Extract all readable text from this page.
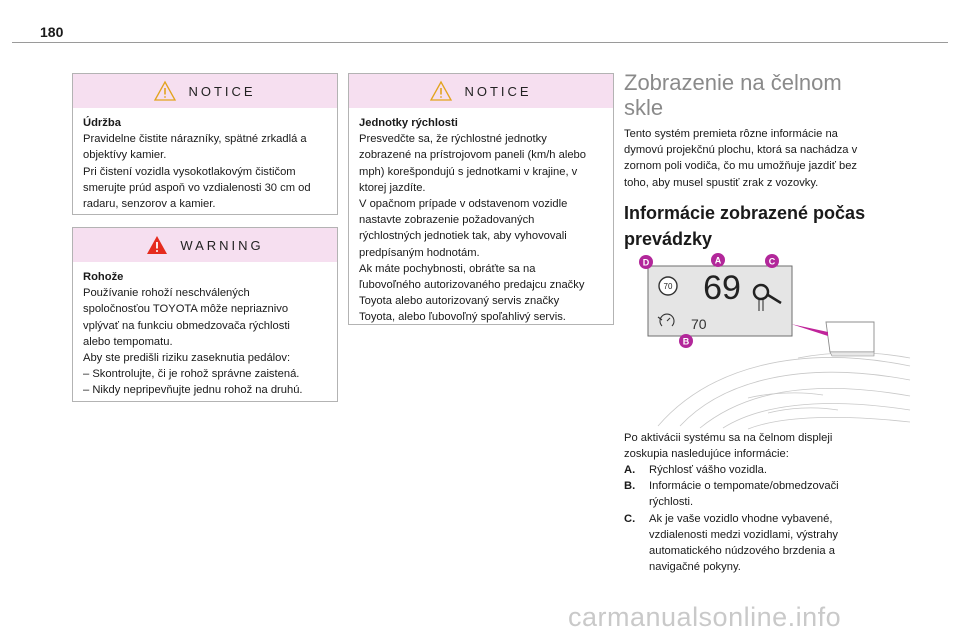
180
NOTICE

Údržba

Pravidelne čistite nárazníky, spätné zrkadlá a

objektívy kamier.

Pri čistení vozidla vysokotlakovým čističom

smerujte prúd aspoň vo vzdialenosti 30 cm od

radaru, senzorov a kamier.

WARNING

Rohože

Používanie rohoží neschválených

spoločnosťou TOYOTA môže nepriaznivo

vplývať na funkciu obmedzovača rýchlosti

alebo tempomatu.

Aby ste predišli riziku zaseknutia pedálov:

– Skontrolujte, či je rohož správne zaistená.

– Nikdy nepripevňujte jednu rohož na druhú.

NOTICE

Jednotky rýchlosti

Presvedčte sa, že rýchlostné jednotky

zobrazené na prístrojovom paneli (km/h alebo

mph) korešpondujú s jednotkami v krajine, v

ktorej jazdíte.

V opačnom prípade v odstavenom vozidle

nastavte zobrazenie požadovaných

rýchlostných jednotiek tak, aby vyhovovali

predpísaným hodnotám.

Ak máte pochybnosti, obráťte sa na

ľubovoľného autorizovaného predajcu značky

Toyota alebo autorizovaný servis značky

Toyota, alebo ľubovoľný spoľahlivý servis.

Zobrazenie na čelnom
skle
Tento systém premieta rôzne informácie na
dymovú projekčnú plochu, ktorá sa nachádza v
zornom poli vodiča, čo mu umožňuje jazdiť bez
toho, aby musel spustiť zrak z vozovky.
Informácie zobrazené počas
prevádzky
70 69
70
D	A	C
B
Po aktivácii systému sa na čelnom displeji
zoskupia nasledujúce informácie:
A.	Rýchlosť vášho vozidla.
B.	Informácie o tempomate/obmedzovači
rýchlosti.
C.	Ak je vaše vozidlo vhodne vybavené,
vzdialenosti medzi vozidlami, výstrahy
automatického núdzového brzdenia a
navigačné pokyny.
carmanualsonline.info
